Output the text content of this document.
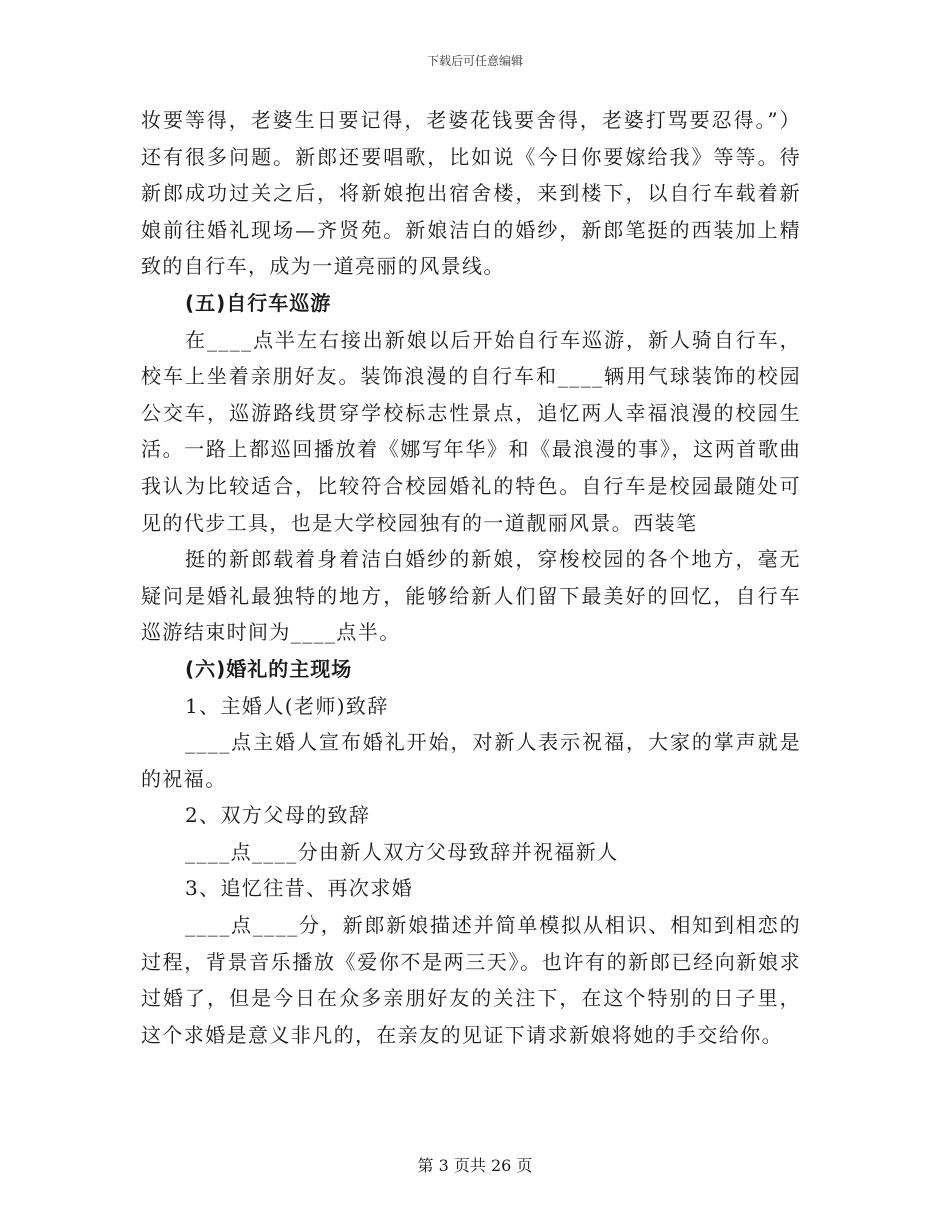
下载后可任意编辑

妆要等得，老婆生日要记得，老婆花钱要舍得，老婆打骂要忍得。”）还有很多问题。新郎还要唱歌，比如说《今日你要嫁给我》等等。待新郎成功过关之后，将新娘抱出宿舍楼，来到楼下，以自行车载着新娘前往婚礼现场—齐贤苑。新娘洁白的婚纱，新郎笔挺的西装加上精致的自行车，成为一道亮丽的风景线。

(五)自行车巡游

在____点半左右接出新娘以后开始自行车巡游，新人骑自行车，校车上坐着亲朋好友。装饰浪漫的自行车和____辆用气球装饰的校园公交车，巡游路线贯穿学校标志性景点，追忆两人幸福浪漫的校园生活。一路上都巡回播放着《娜写年华》和《最浪漫的事》，这两首歌曲我认为比较适合，比较符合校园婚礼的特色。自行车是校园最随处可见的代步工具，也是大学校园独有的一道靓丽风景。西装笔

挺的新郎载着身着洁白婚纱的新娘，穿梭校园的各个地方，毫无疑问是婚礼最独特的地方，能够给新人们留下最美好的回忆，自行车巡游结束时间为____点半。

(六)婚礼的主现场

1、主婚人(老师)致辞

____点主婚人宣布婚礼开始，对新人表示祝福，大家的掌声就是的祝福。

2、双方父母的致辞

____点____分由新人双方父母致辞并祝福新人

3、追忆往昔、再次求婚

____点____分，新郎新娘描述并简单模拟从相识、相知到相恋的过程，背景音乐播放《爱你不是两三天》。也许有的新郎已经向新娘求过婚了，但是今日在众多亲朋好友的关注下，在这个特别的日子里，这个求婚是意义非凡的，在亲友的见证下请求新娘将她的手交给你。

第 3 页共 26 页
